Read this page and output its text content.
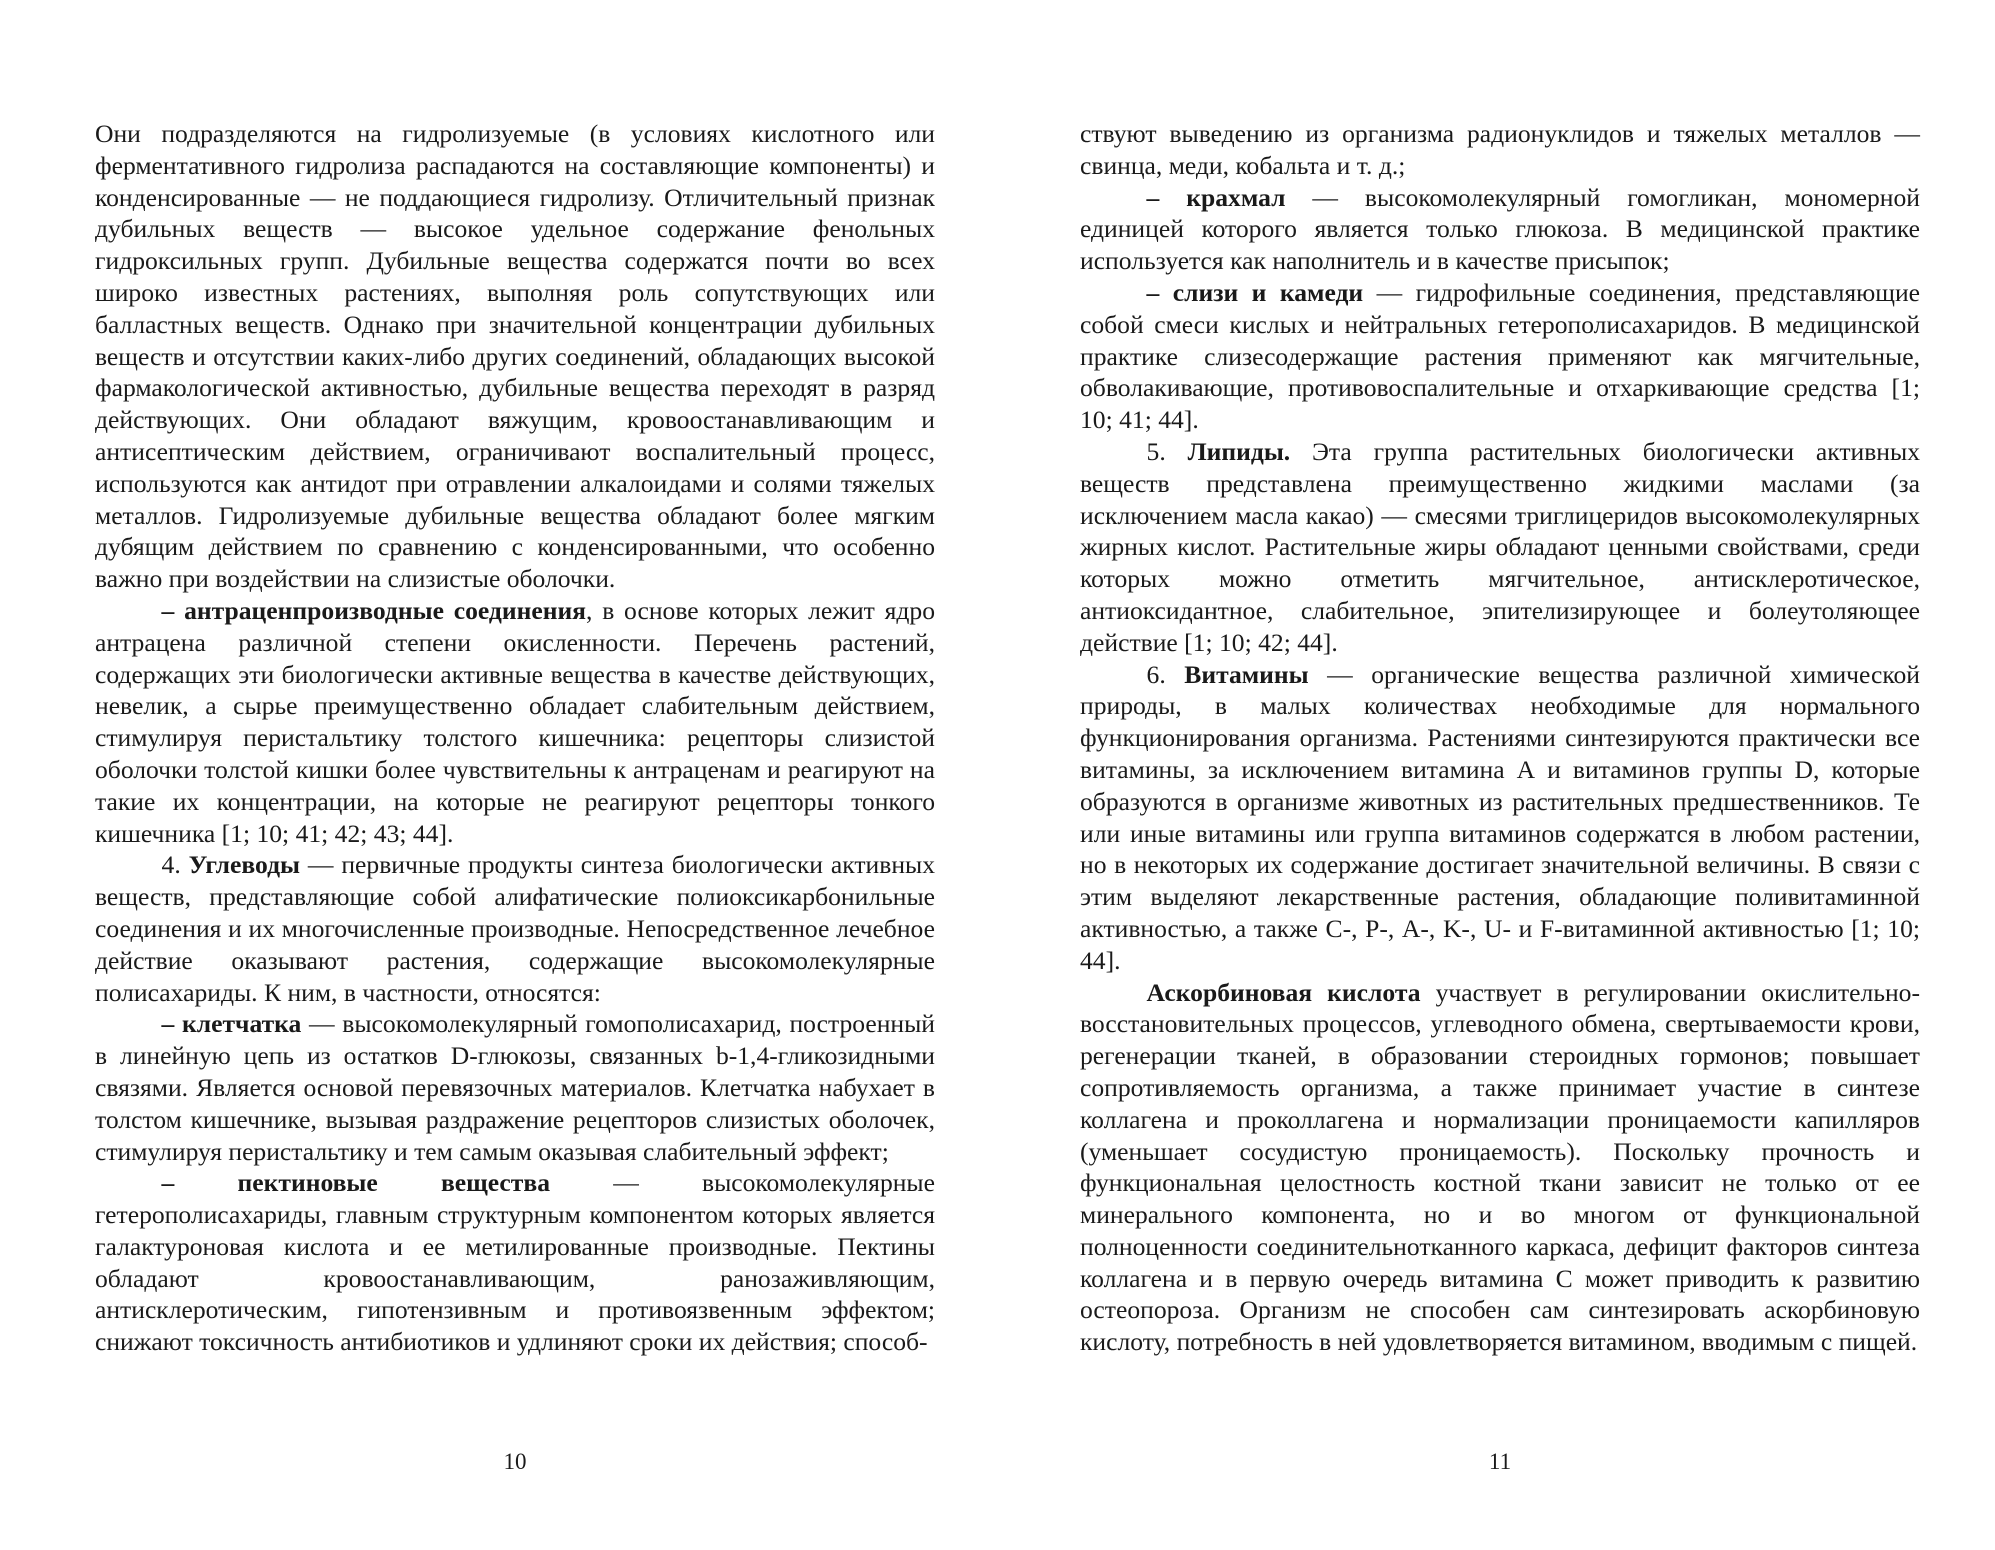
Они подразделяются на гидролизуемые (в условиях кислотного или ферментативного гидролиза распадаются на составляющие компоненты) и конденсированные — не поддающиеся гидролизу. Отличительный признак дубильных веществ — высокое удельное содержание фенольных гидроксильных групп. Дубильные вещества содержатся почти во всех широко известных растениях, выполняя роль сопутствующих или балластных веществ. Однако при значительной концентрации дубильных веществ и отсутствии каких-либо других соединений, обладающих высокой фармакологической активностью, дубильные вещества переходят в разряд действующих. Они обладают вяжущим, кровоостанавливающим и антисептическим действием, ограничивают воспалительный процесс, используются как антидот при отравлении алкалоидами и солями тяжелых металлов. Гидролизуемые дубильные вещества обладают более мягким дубящим действием по сравнению с конденсированными, что особенно важно при воздействии на слизистые оболочки.

– антраценпроизводные соединения, в основе которых лежит ядро антрацена различной степени окисленности. Перечень растений, содержащих эти биологически активные вещества в качестве действующих, невелик, а сырье преимущественно обладает слабительным действием, стимулируя перистальтику толстого кишечника: рецепторы слизистой оболочки толстой кишки более чувствительны к антраценам и реагируют на такие их концентрации, на которые не реагируют рецепторы тонкого кишечника [1; 10; 41; 42; 43; 44].

4. Углеводы — первичные продукты синтеза биологически активных веществ, представляющие собой алифатические полиоксикарбонильные соединения и их многочисленные производные. Непосредственное лечебное действие оказывают растения, содержащие высокомолекулярные полисахариды. К ним, в частности, относятся:

– клетчатка — высокомолекулярный гомополисахарид, построенный в линейную цепь из остатков D-глюкозы, связанных b-1,4-гликозидными связями. Является основой перевязочных материалов. Клетчатка набухает в толстом кишечнике, вызывая раздражение рецепторов слизистых оболочек, стимулируя перистальтику и тем самым оказывая слабительный эффект;

– пектиновые вещества — высокомолекулярные гетерополисахариды, главным структурным компонентом которых является галактуроновая кислота и ее метилированные производные. Пектины обладают кровоостанавливающим, ранозаживляющим, антисклеротическим, гипотензивным и противоязвенным эффектом; снижают токсичность антибиотиков и удлиняют сроки их действия; способ-

10

ствуют выведению из организма радионуклидов и тяжелых металлов — свинца, меди, кобальта и т. д.;

– крахмал — высокомолекулярный гомогликан, мономерной единицей которого является только глюкоза. В медицинской практике используется как наполнитель и в качестве присыпок;

– слизи и камеди — гидрофильные соединения, представляющие собой смеси кислых и нейтральных гетерополисахаридов. В медицинской практике слизесодержащие растения применяют как мягчительные, обволакивающие, противовоспалительные и отхаркивающие средства [1; 10; 41; 44].

5. Липиды. Эта группа растительных биологически активных веществ представлена преимущественно жидкими маслами (за исключением масла какао) — смесями триглицеридов высокомолекулярных жирных кислот. Растительные жиры обладают ценными свойствами, среди которых можно отметить мягчительное, антисклеротическое, антиоксидантное, слабительное, эпителизирующее и болеутоляющее действие [1; 10; 42; 44].

6. Витамины — органические вещества различной химической природы, в малых количествах необходимые для нормального функционирования организма. Растениями синтезируются практически все витамины, за исключением витамина А и витаминов группы D, которые образуются в организме животных из растительных предшественников. Те или иные витамины или группа витаминов содержатся в любом растении, но в некоторых их содержание достигает значительной величины. В связи с этим выделяют лекарственные растения, обладающие поливитаминной активностью, а также С-, Р-, А-, K-, U- и F-витаминной активностью [1; 10; 44].

Аскорбиновая кислота участвует в регулировании окислительно-восстановительных процессов, углеводного обмена, свертываемости крови, регенерации тканей, в образовании стероидных гормонов; повышает сопротивляемость организма, а также принимает участие в синтезе коллагена и проколлагена и нормализации проницаемости капилляров (уменьшает сосудистую проницаемость). Поскольку прочность и функциональная целостность костной ткани зависит не только от ее минерального компонента, но и во многом от функциональной полноценности соединительнотканного каркаса, дефицит факторов синтеза коллагена и в первую очередь витамина С может приводить к развитию остеопороза. Организм не способен сам синтезировать аскорбиновую кислоту, потребность в ней удовлетворяется витамином, вводимым с пищей.

11
